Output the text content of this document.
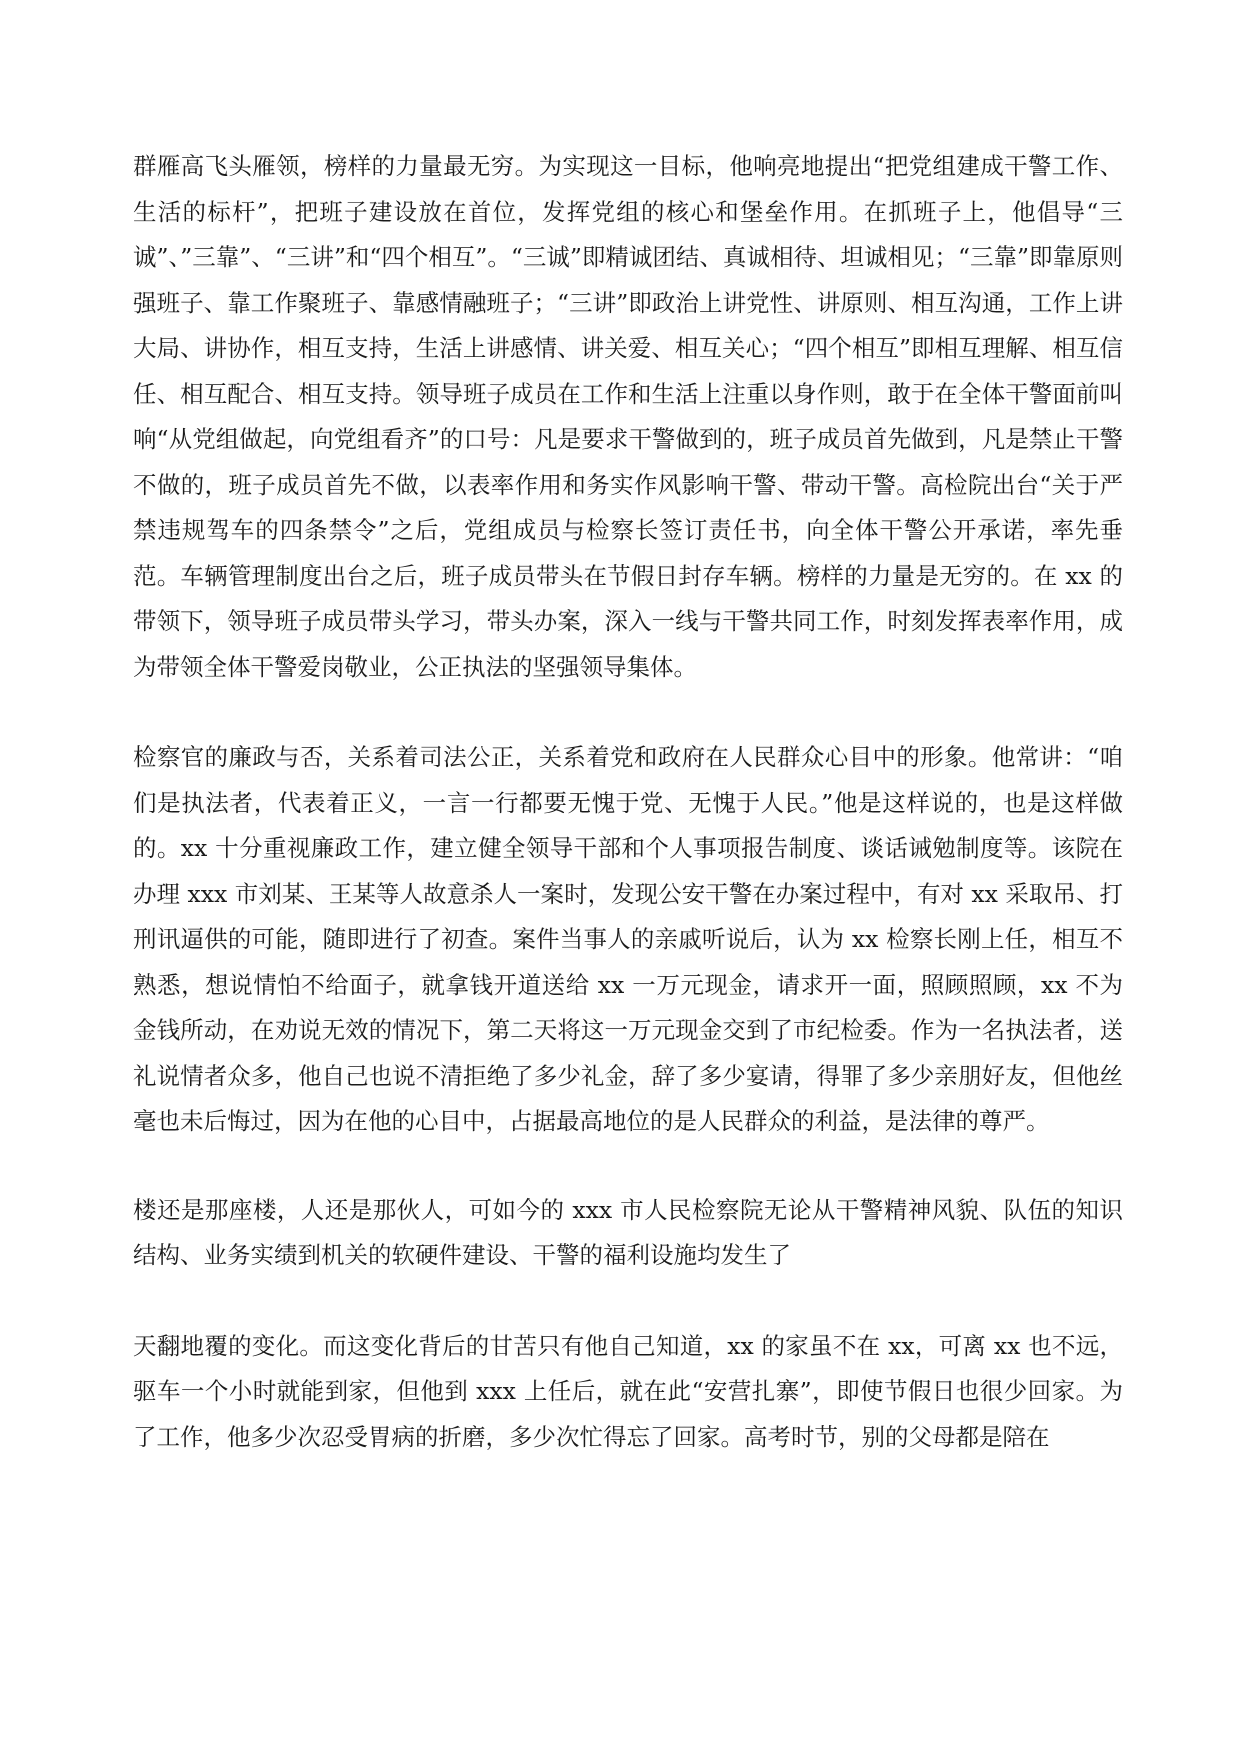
群雁高飞头雁领，榜样的力量最无穷。为实现这一目标，他响亮地提出“把党组建成干警工作、生活的标杆”，把班子建设放在首位，发挥党组的核心和堡垒作用。在抓班子上，他倡导“三诚”、”三靠”、“三讲”和“四个相互”。“三诚”即精诚团结、真诚相待、坦诚相见；“三靠”即靠原则强班子、靠工作聚班子、靠感情融班子；“三讲”即政治上讲党性、讲原则、相互沟通，工作上讲大局、讲协作，相互支持，生活上讲感情、讲关爱、相互关心；“四个相互”即相互理解、相互信任、相互配合、相互支持。领导班子成员在工作和生活上注重以身作则，敢于在全体干警面前叫响“从党组做起，向党组看齐”的口号：凡是要求干警做到的，班子成员首先做到，凡是禁止干警不做的，班子成员首先不做，以表率作用和务实作风影响干警、带动干警。高检院出台“关于严禁违规驾车的四条禁令”之后，党组成员与检察长签订责任书，向全体干警公开承诺，率先垂范。车辆管理制度出台之后，班子成员带头在节假日封存车辆。榜样的力量是无穷的。在 xx 的带领下，领导班子成员带头学习，带头办案，深入一线与干警共同工作，时刻发挥表率作用，成为带领全体干警爱岗敬业，公正执法的坚强领导集体。

检察官的廉政与否，关系着司法公正，关系着党和政府在人民群众心目中的形象。他常讲：“咱们是执法者，代表着正义，一言一行都要无愧于党、无愧于人民。”他是这样说的，也是这样做的。xx 十分重视廉政工作，建立健全领导干部和个人事项报告制度、谈话诫勉制度等。该院在办理 xxx 市刘某、王某等人故意杀人一案时，发现公安干警在办案过程中，有对 xx 采取吊、打刑讯逼供的可能，随即进行了初查。案件当事人的亲戚听说后，认为 xx 检察长刚上任，相互不熟悉，想说情怕不给面子，就拿钱开道送给 xx 一万元现金，请求开一面，照顾照顾，xx 不为金钱所动，在劝说无效的情况下，第二天将这一万元现金交到了市纪检委。作为一名执法者，送礼说情者众多，他自己也说不清拒绝了多少礼金，辞了多少宴请，得罪了多少亲朋好友，但他丝毫也未后悔过，因为在他的心目中，占据最高地位的是人民群众的利益，是法律的尊严。

楼还是那座楼，人还是那伙人，可如今的 xxx 市人民检察院无论从干警精神风貌、队伍的知识结构、业务实绩到机关的软硬件建设、干警的福利设施均发生了

天翻地覆的变化。而这变化背后的甘苦只有他自己知道，xx 的家虽不在 xx，可离 xx 也不远，驱车一个小时就能到家，但他到 xxx 上任后，就在此“安营扎寨”，即使节假日也很少回家。为了工作，他多少次忍受胃病的折磨，多少次忙得忘了回家。高考时节，别的父母都是陪在
